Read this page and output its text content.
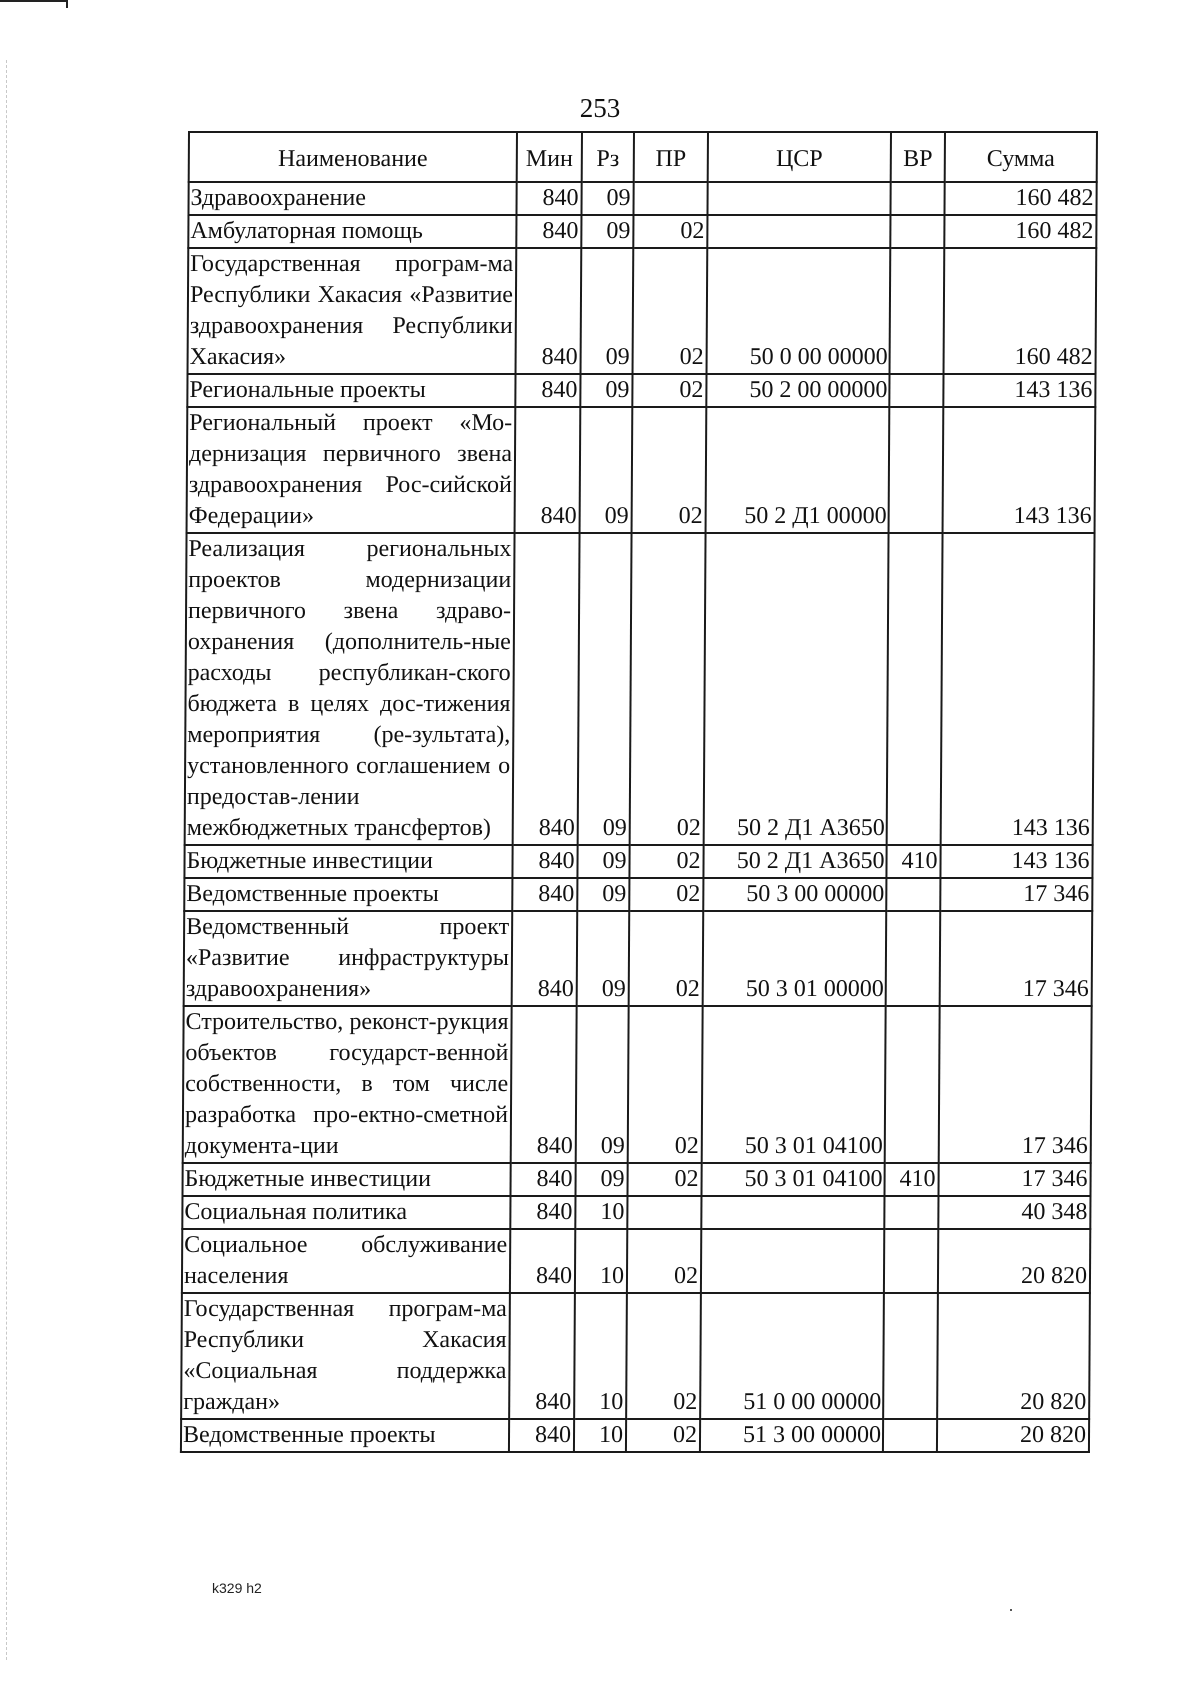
253
Наименование	Мин	Рз	ПР	ЦСР	ВР	Сумма
Здравоохранение	840	09				160 482
Амбулаторная помощь	840	09	02			160 482
Государственная програм-ма Республики Хакасия «Развитие здравоохранения Республики Хакасия»	840	09	02	50 0 00 00000		160 482
Региональные проекты	840	09	02	50 2 00 00000		143 136
Региональный проект «Мо-дернизация первичного звена здравоохранения Рос-сийской Федерации»	840	09	02	50 2 Д1 00000		143 136
Реализация региональных проектов модернизации первичного звена здраво-охранения (дополнитель-ные расходы республикан-ского бюджета в целях дос-тижения мероприятия (ре-зультата), установленного соглашением о предостав-лении межбюджетных трансфертов)	840	09	02	50 2 Д1 А3650		143 136
Бюджетные инвестиции	840	09	02	50 2 Д1 А3650	410	143 136
Ведомственные проекты	840	09	02	50 3 00 00000		17 346
Ведомственный проект «Развитие инфраструктуры здравоохранения»	840	09	02	50 3 01 00000		17 346
Строительство, реконст-рукция объектов государст-венной собственности, в том числе разработка про-ектно-сметной документа-ции	840	09	02	50 3 01 04100		17 346
Бюджетные инвестиции	840	09	02	50 3 01 04100	410	17 346
Социальная политика	840	10				40 348
Социальное обслуживание населения	840	10	02			20 820
Государственная програм-ма Республики Хакасия «Социальная поддержка граждан»	840	10	02	51 0 00 00000		20 820
Ведомственные проекты	840	10	02	51 3 00 00000		20 820
k329 h2
